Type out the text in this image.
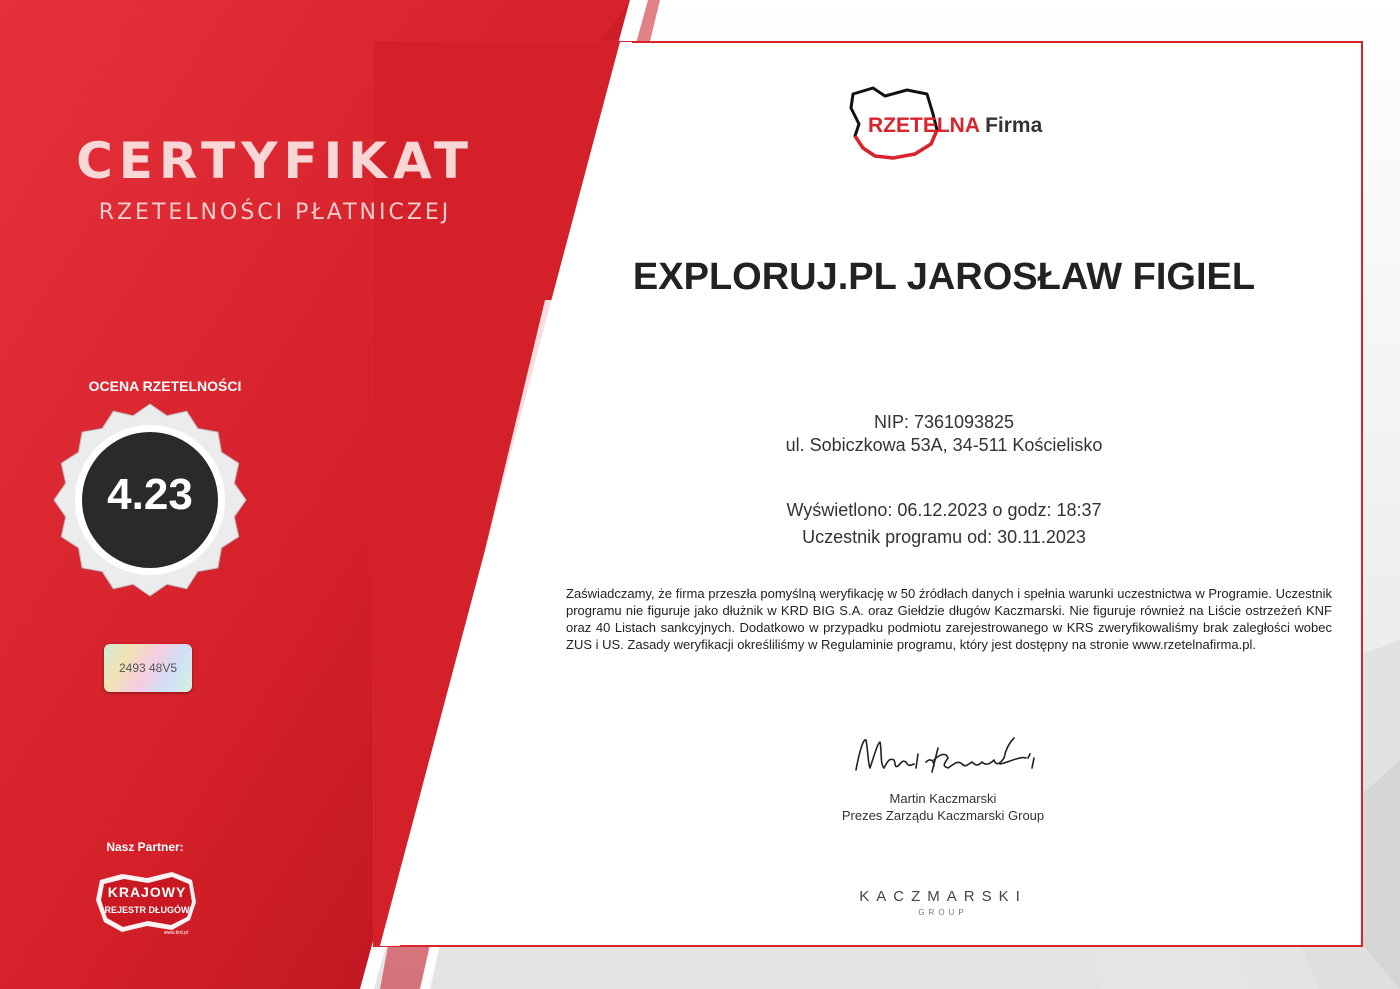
CERTYFIKAT
RZETELNOŚCI PŁATNICZEJ
OCENA RZETELNOŚCI
4.23
2493 48V5
Nasz Partner:
www.krd.pl
KRAJOWY
REJESTR DŁUGÓW
RZETELNA Firma
EXPLORUJ.PL JAROSŁAW FIGIEL
NIP: 7361093825
ul. Sobiczkowa 53A, 34-511 Kościelisko
Wyświetlono: 06.12.2023 o godz: 18:37
Uczestnik programu od: 30.11.2023
Zaświadczamy, że firma przeszła pomyślną weryfikację w 50 źródłach danych i spełnia warunki uczestnictwa w Programie. Uczestnik programu nie figuruje jako dłużnik w KRD BIG S.A. oraz Giełdzie długów Kaczmarski. Nie figuruje również na Liście ostrzeżeń KNF oraz 40 Listach sankcyjnych. Dodatkowo w przypadku podmiotu zarejestrowanego w KRS zweryfikowaliśmy brak zaległości wobec ZUS i US. Zasady weryfikacji określiliśmy w Regulaminie programu, który jest dostępny na stronie www.rzetelnafirma.pl.
Martin Kaczmarski
Prezes Zarządu Kaczmarski Group
KACZMARSKI
GROUP
